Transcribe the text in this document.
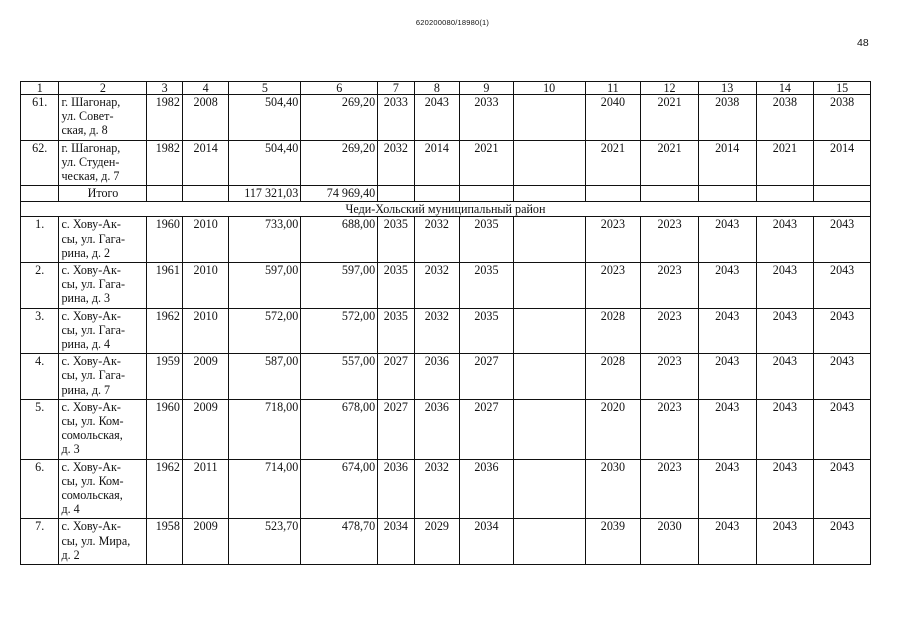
620200080/18980(1)
48
1	2	3	4	5	6	7	8	9	10	11	12	13	14	15
61.	г. Шагонар,
ул. Совет-
ская, д. 8	1982	2008	504,40	269,20	2033	2043	2033		2040	2021	2038	2038	2038
62.	г. Шагонар,
ул. Студен-
ческая, д. 7	1982	2014	504,40	269,20	2032	2014	2021		2021	2021	2014	2021	2014
	Итого			117 321,03	74 969,40									
Чеди-Хольский муниципальный район														
1.	с. Хову-Ак-
сы, ул. Гага-
рина, д. 2	1960	2010	733,00	688,00	2035	2032	2035		2023	2023	2043	2043	2043
2.	с. Хову-Ак-
сы, ул. Гага-
рина, д. 3	1961	2010	597,00	597,00	2035	2032	2035		2023	2023	2043	2043	2043
3.	с. Хову-Ак-
сы, ул. Гага-
рина, д. 4	1962	2010	572,00	572,00	2035	2032	2035		2028	2023	2043	2043	2043
4.	с. Хову-Ак-
сы, ул. Гага-
рина, д. 7	1959	2009	587,00	557,00	2027	2036	2027		2028	2023	2043	2043	2043
5.	с. Хову-Ак-
сы, ул. Ком-
сомольская,
д. 3	1960	2009	718,00	678,00	2027	2036	2027		2020	2023	2043	2043	2043
6.	с. Хову-Ак-
сы, ул. Ком-
сомольская,
д. 4	1962	2011	714,00	674,00	2036	2032	2036		2030	2023	2043	2043	2043
7.	с. Хову-Ак-
сы, ул. Мира,
д. 2	1958	2009	523,70	478,70	2034	2029	2034		2039	2030	2043	2043	2043
